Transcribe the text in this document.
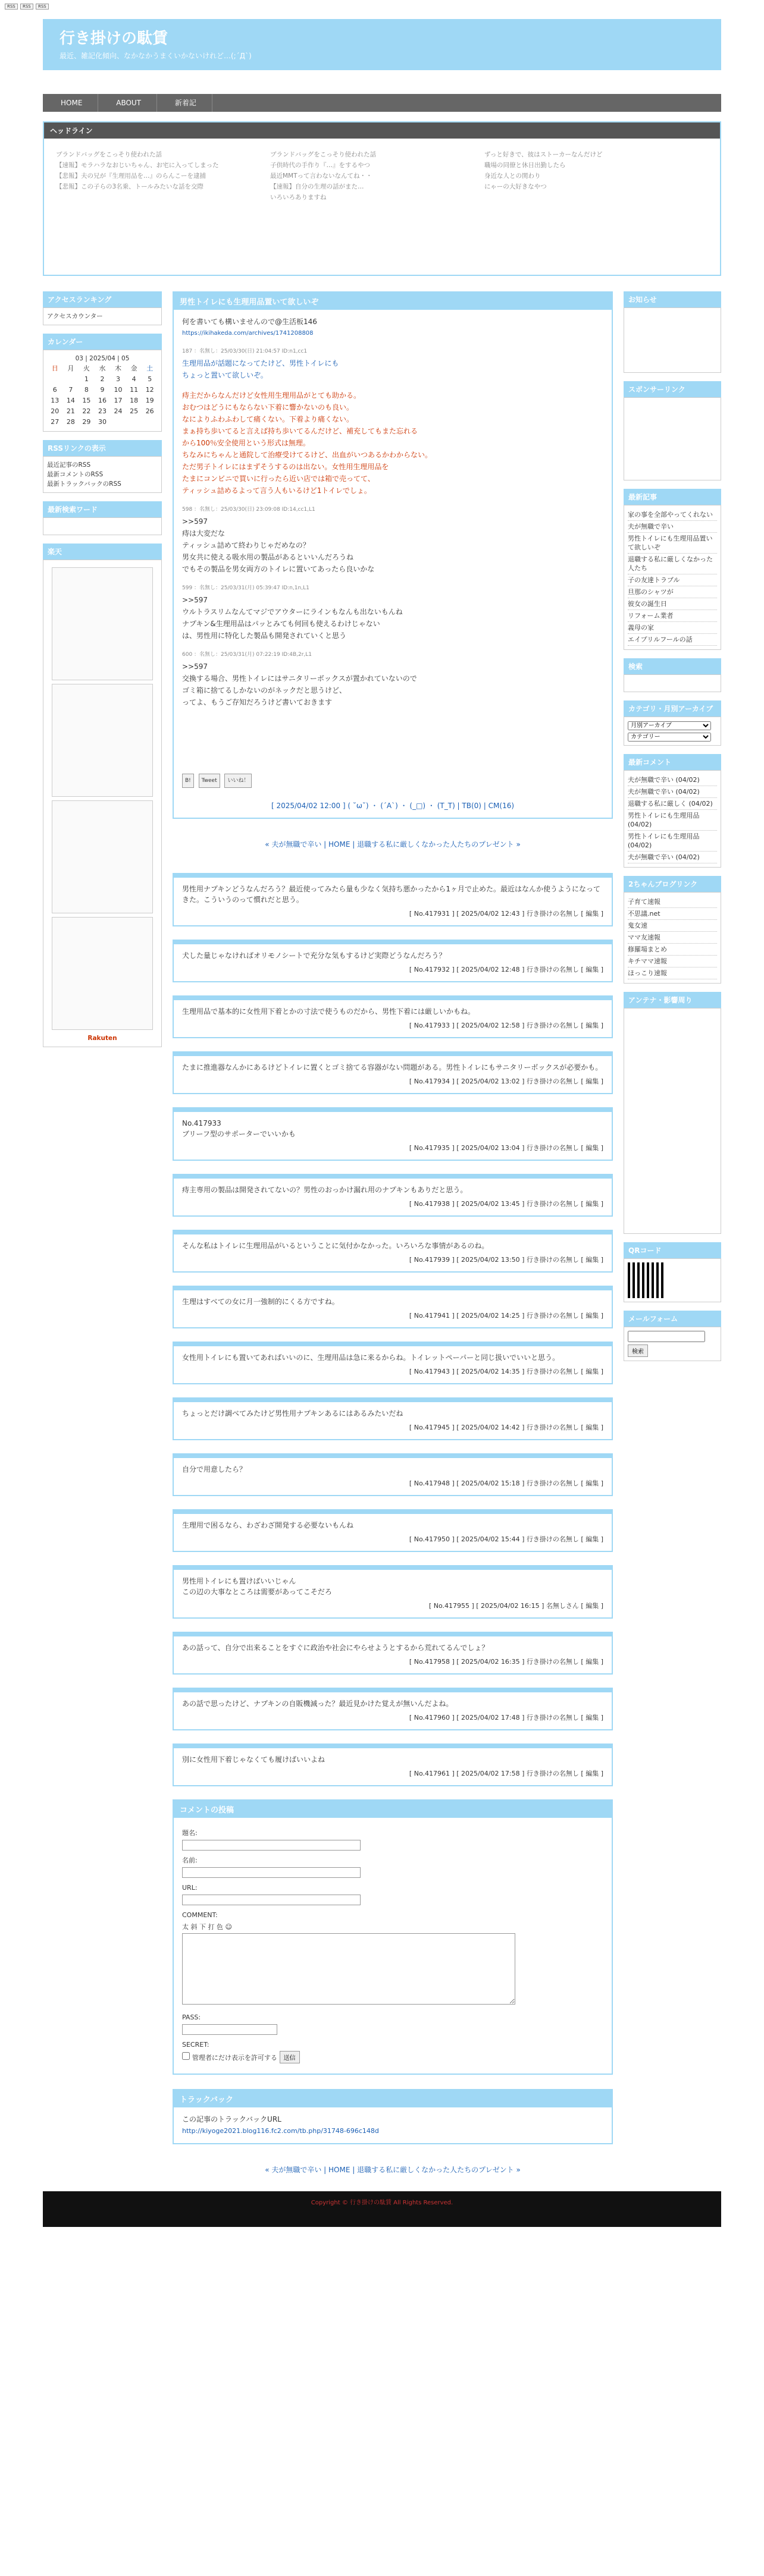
RSS RSS RSS
行き掛けの駄賃
最近、雑記化傾向、なかなかうまくいかないけれど…(;´Д`)
HOME	ABOUT	新着記
ヘッドライン
ブランドバッグをこっそり使われた話
【速報】モラハラなおじいちゃん、お宅に入ってしまった
【悲報】夫の兄が『生理用品を…』のらんこーを逮捕
【悲報】この子らの3名乗、トールみたいな話を交際
ブランドバッグをこっそり使われた話
子供時代の手作り『…』をするやつ
最近MMTって言わないなんてね・・
【速報】自分の生理の話がまた…
いろいろありますね
ずっと好きで、彼はストーカーなんだけど
職場の同僚と休日出勤したら
身近な人との関わり
にゃーの大好きなやつ
アクセスランキング
アクセスカウンター
カレンダー
03 | 2025/04 | 05
日	月	火	水	木	金	土
		1	2	3	4	5
6	7	8	9	10	11	12
13	14	15	16	17	18	19
20	21	22	23	24	25	26
27	28	29	30			
RSSリンクの表示
最近記事のRSS
最新コメントのRSS
最新トラックバックのRSS
最新検索ワード
楽天
Rakuten
男性トイレにも生理用品置いて欲しいぞ
何を書いても構いませんので@生活板146
https://ikihakeda.com/archives/1741208808
187 ：名無し：25/03/30(日) 21:04:57 ID:n1,cc1
生理用品が話題になってたけど、男性トイレにも
ちょっと置いて欲しいぞ。
痔主だからなんだけど女性用生理用品がとても助かる。
おむつはどうにもならない下着に響かないのも良い。
なによりふわふわして痛くない。下着より痛くない。
まぁ持ち歩いてると言えば持ち歩いてるんだけど、補充してもまた忘れる
から100％安全使用という形式は無理。
ちなみにちゃんと通院して治療受けてるけど、出血がいつあるかわからない。
ただ男子トイレにはまずそうするのは出ない。女性用生理用品を
たまにコンビニで買いに行ったら近い店では箱で売ってて、
ティッシュ詰めるよって言う人もいるけど1トイレでしょ。
598 ：名無し：25/03/30(日) 23:09:08 ID:14,cc1,L1
>>597
痔は大変だな
ティッシュ詰めて終わりじゃだめなの？
男女共に使える吸水用の製品があるといいんだろうね
でもその製品を男女両方のトイレに置いてあったら良いかな
599 ：名無し：25/03/31(月) 05:39:47 ID:n,1n,L1
>>597
ウルトラスリムなんてマジでアウターにラインもなんも出ないもんね
ナプキン&生理用品はパッとみても何回も使えるわけじゃない
は、男性用に特化した製品も開発されていくと思う
600 ：名無し：25/03/31(月) 07:22:19 ID:4B,2r,L1
>>597
交換する場合、男性トイレにはサニタリーボックスが置かれていないので
ゴミ箱に捨てるしかないのがネックだと思うけど、
ってよ、もうご存知だろうけど書いておきます
B! Tweet いいね！
[ 2025/04/02 12:00 ] ( ˘ω˘) ・ (´A`) ・ (_□) ・ (T_T) | TB(0) | CM(16)
« 夫が無職で辛い | HOME | 退職する私に厳しくなかった人たちのプレゼント »
男性用ナプキンどうなんだろう？最近使ってみたら量も少なく気持ち悪かったから1ヶ月で止めた。最近はなんか使うようになってきた。こういうのって慣れだと思う。
[ No.417931 ] [ 2025/04/02 12:43 ] 行き掛けの名無し [ 編集 ]
犬した量じゃなければオリモノシートで充分な気もするけど実際どうなんだろう？
[ No.417932 ] [ 2025/04/02 12:48 ] 行き掛けの名無し [ 編集 ]
生理用品で基本的に女性用下着とかの寸法で使うものだから、男性下着には厳しいかもね。
[ No.417933 ] [ 2025/04/02 12:58 ] 行き掛けの名無し [ 編集 ]
たまに推進器なんかにあるけどトイレに置くとゴミ捨てる容器がない問題がある。男性トイレにもサニタリーボックスが必要かも。
[ No.417934 ] [ 2025/04/02 13:02 ] 行き掛けの名無し [ 編集 ]
No.417933
ブリーフ型のサポーターでいいかも
[ No.417935 ] [ 2025/04/02 13:04 ] 行き掛けの名無し [ 編集 ]
痔主専用の製品は開発されてないの？男性のおっかけ漏れ用のナプキンもありだと思う。
[ No.417938 ] [ 2025/04/02 13:45 ] 行き掛けの名無し [ 編集 ]
そんな私はトイレに生理用品がいるということに気付かなかった。いろいろな事情があるのね。
[ No.417939 ] [ 2025/04/02 13:50 ] 行き掛けの名無し [ 編集 ]
生理はすべての女に月一強制的にくる方ですね。
[ No.417941 ] [ 2025/04/02 14:25 ] 行き掛けの名無し [ 編集 ]
女性用トイレにも置いてあればいいのに、生理用品は急に来るからね。トイレットペーパーと同じ扱いでいいと思う。
[ No.417943 ] [ 2025/04/02 14:35 ] 行き掛けの名無し [ 編集 ]
ちょっとだけ調べてみたけど男性用ナプキンあるにはあるみたいだね
[ No.417945 ] [ 2025/04/02 14:42 ] 行き掛けの名無し [ 編集 ]
自分で用意したら？
[ No.417948 ] [ 2025/04/02 15:18 ] 行き掛けの名無し [ 編集 ]
生理用で困るなら、わざわざ開発する必要ないもんね
[ No.417950 ] [ 2025/04/02 15:44 ] 行き掛けの名無し [ 編集 ]
男性用トイレにも置けばいいじゃん
この辺の大事なところは需要があってこそだろ
[ No.417955 ] [ 2025/04/02 16:15 ] 名無しさん [ 編集 ]
あの話って、自分で出来ることをすぐに政治や社会にやらせようとするから荒れてるんでしょ？
[ No.417958 ] [ 2025/04/02 16:35 ] 行き掛けの名無し [ 編集 ]
あの話で思ったけど、ナプキンの自販機減った？最近見かけた覚えが無いんだよね。
[ No.417960 ] [ 2025/04/02 17:48 ] 行き掛けの名無し [ 編集 ]
別に女性用下着じゃなくても履けばいいよね
[ No.417961 ] [ 2025/04/02 17:58 ] 行き掛けの名無し [ 編集 ]
コメントの投稿
題名:
名前:
URL:
COMMENT:
太 斜 下 打 色 ☺
PASS:
SECRET:
管理者にだけ表示を許可する 送信
トラックバック
この記事のトラックバックURL
http://kiyoge2021.blog116.fc2.com/tb.php/31748-696c148d
« 夫が無職で辛い | HOME | 退職する私に厳しくなかった人たちのプレゼント »
お知らせ
スポンサーリンク
最新記事
家の事を全部やってくれない
夫が無職で辛い
男性トイレにも生理用品置いて欲しいぞ
退職する私に厳しくなかった人たち
子の友達トラブル
旦那のシャツが
彼女の誕生日
リフォーム業者
義母の家
エイプリルフールの話
検索
カテゴリ・月別アーカイブ
月別アーカイブ
カテゴリー
最新コメント
夫が無職で辛い (04/02)
夫が無職で辛い (04/02)
退職する私に厳しく (04/02)
男性トイレにも生理用品 (04/02)
男性トイレにも生理用品 (04/02)
夫が無職で辛い (04/02)
2ちゃんブログリンク
子育て速報
不思議.net
鬼女速
ママ友速報
修羅場まとめ
キチママ速報
ほっこり速報
アンテナ・影響周り
QRコード
メールフォーム

検索
Copyright © 行き掛けの駄賃 All Rights Reserved.
